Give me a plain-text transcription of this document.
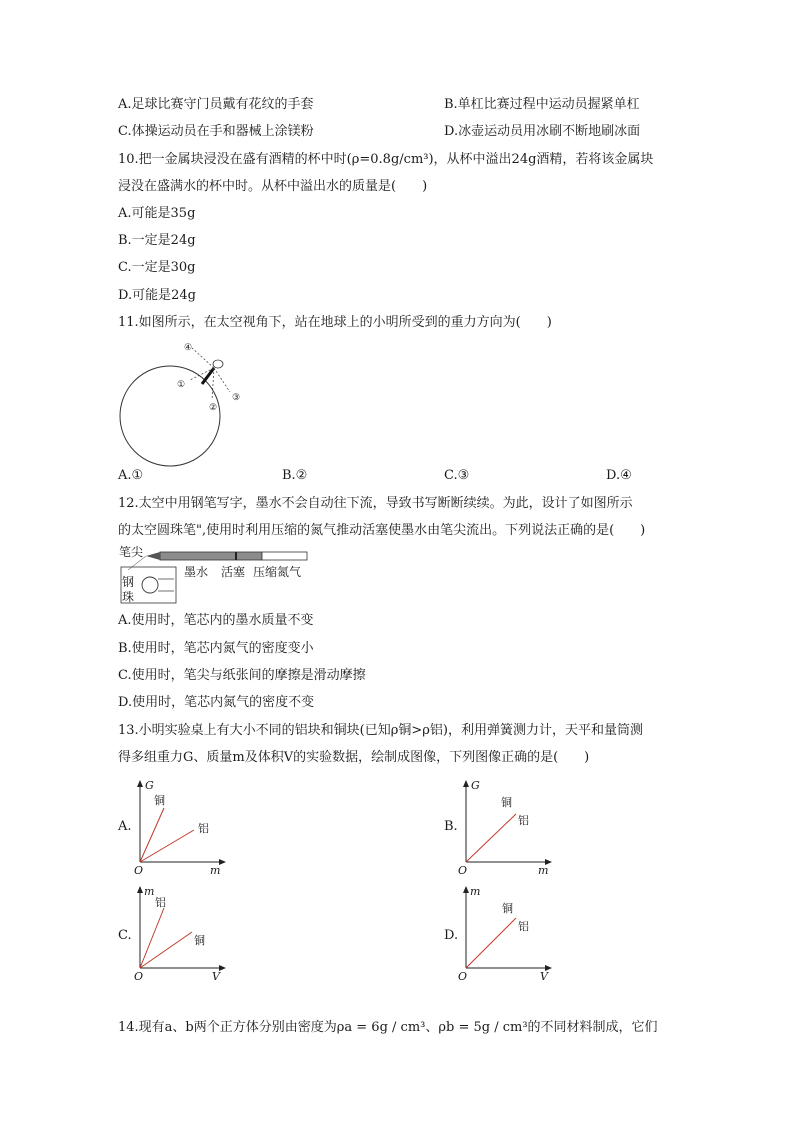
A.足球比赛守门员戴有花纹的手套	B.单杠比赛过程中运动员握紧单杠
C.体操运动员在手和器械上涂镁粉	D.冰壶运动员用冰刷不断地刷冰面
10.把一金属块浸没在盛有酒精的杯中时(ρ=0.8g/cm³)，从杯中溢出24g酒精，若将该金属块
浸没在盛满水的杯中时。从杯中溢出水的质量是(　　)
A.可能是35g
B.一定是24g
C.一定是30g
D.可能是24g
11.如图所示，在太空视角下，站在地球上的小明所受到的重力方向为(　　)
④
①
②
③
A.①	B.②	C.③	D.④
12.太空中用钢笔写字，墨水不会自动往下流，导致书写断断续续。为此，设计了如图所示
的太空圆珠笔",使用时利用压缩的氮气推动活塞使墨水由笔尖流出。下列说法正确的是(　　)
笔尖
墨水 活塞 压缩氮气
钢
珠
A.使用时，笔芯内的墨水质量不变
B.使用时，笔芯内氮气的密度变小
C.使用时，笔尖与纸张间的摩擦是滑动摩擦
D.使用时，笔芯内氮气的密度不变
13.小明实验桌上有大小不同的铝块和铜块(已知ρ铜>ρ铝)，利用弹簧测力计，天平和量筒测
得多组重力G、质量m及体积V的实验数据，绘制成图像，下列图像正确的是(　　)
A.
G
m
O
铜
铝	B.
G
m
O
铜
铝
C.
m
V
O
铝
铜	D.
m
V
O
铜
铝
14.现有a、b两个正方体分别由密度为ρa = 6g / cm³、ρb = 5g / cm³的不同材料制成，它们
